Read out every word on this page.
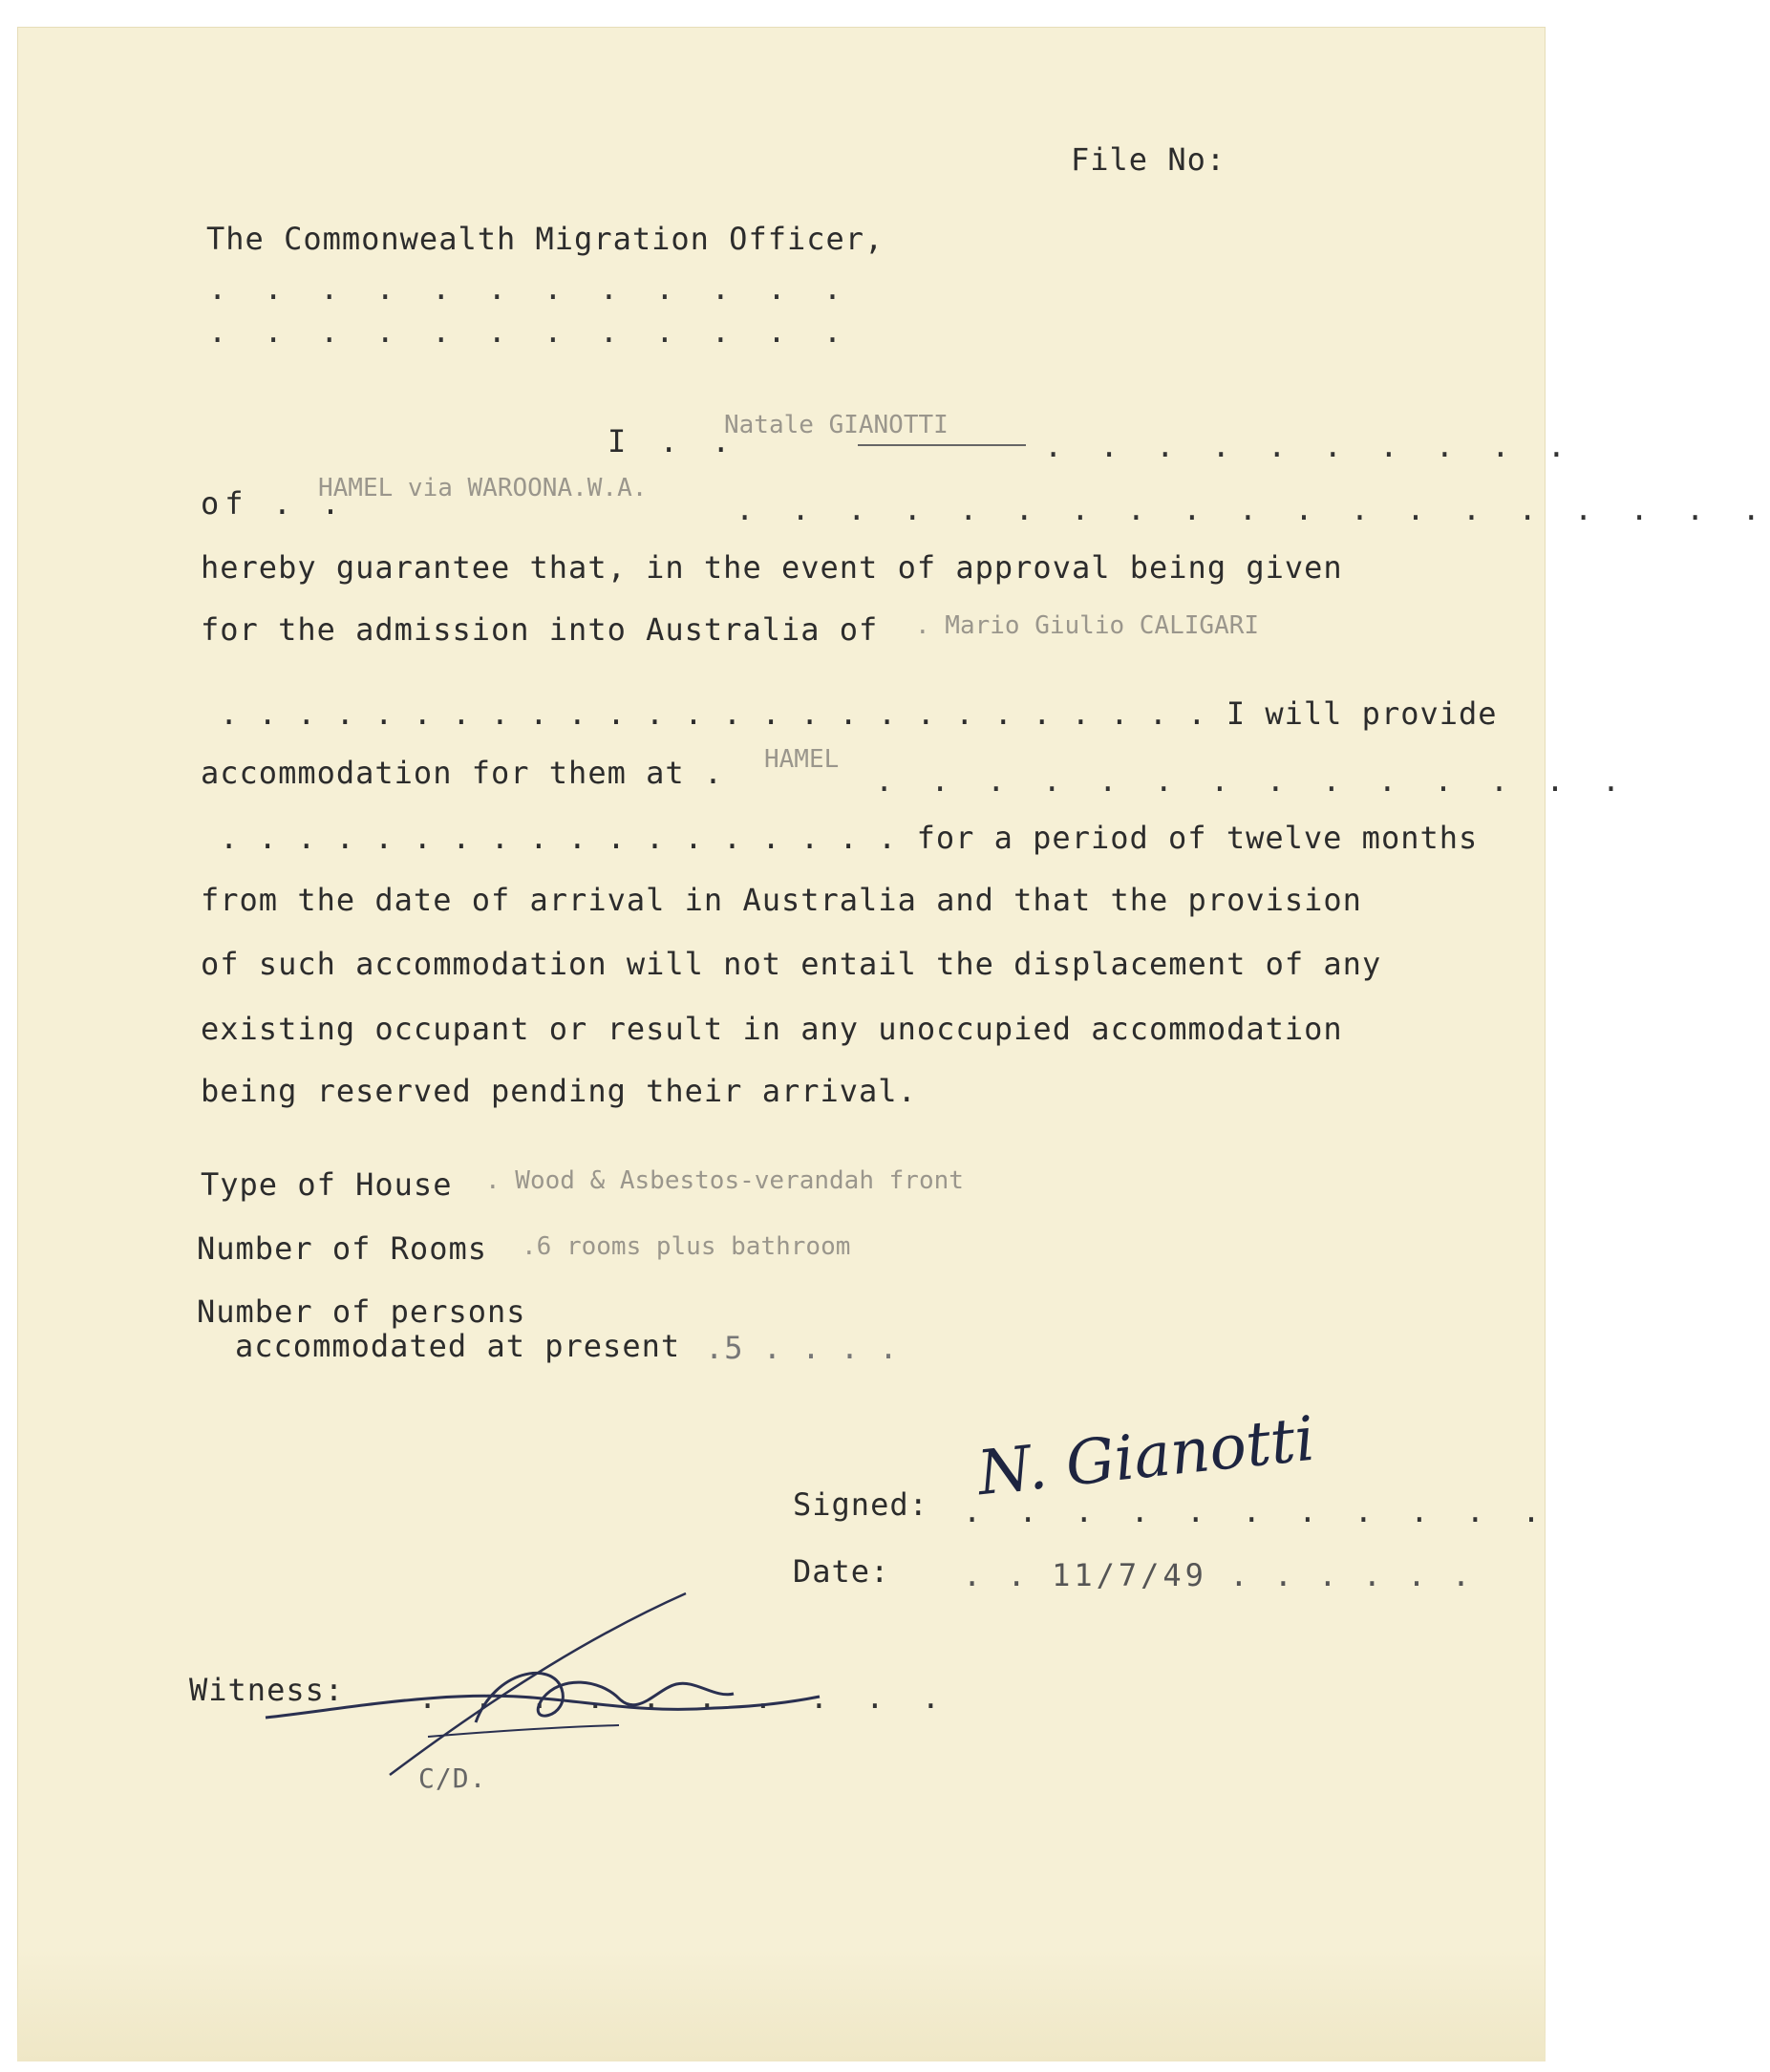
File No:
The Commonwealth Migration Officer,
. . . . . . . . . . . .
. . . . . . . . . . . .
I . .
Natale GIANOTTI
. . . . . . . . . .
of . .
HAMEL via WAROONA.W.A.
. . . . . . . . . . . . . . . . . . .
hereby guarantee that, in the event of approval being given
for the admission into Australia of . Mario Giulio CALIGARI
. . . . . . . . . . . . . . . . . . . . . . . . . . I will provide
accommodation for them at . HAMEL
. . . . . . . . . . . . . .
. . . . . . . . . . . . . . . . . . for a period of twelve months
from the date of arrival in Australia and that the provision
of such accommodation will not entail the displacement of any
existing occupant or result in any unoccupied accommodation
being reserved pending their arrival.
Type of House . Wood & Asbestos-verandah front
Number of Rooms .6 rooms plus bathroom
Number of persons
accommodated at present .5 . . . .
Signed: . . . . . . . . . . .
N. Gianotti
Date: . . 11/7/49 . . . . . .
Witness: . . . . . . . . . .
C/D.
